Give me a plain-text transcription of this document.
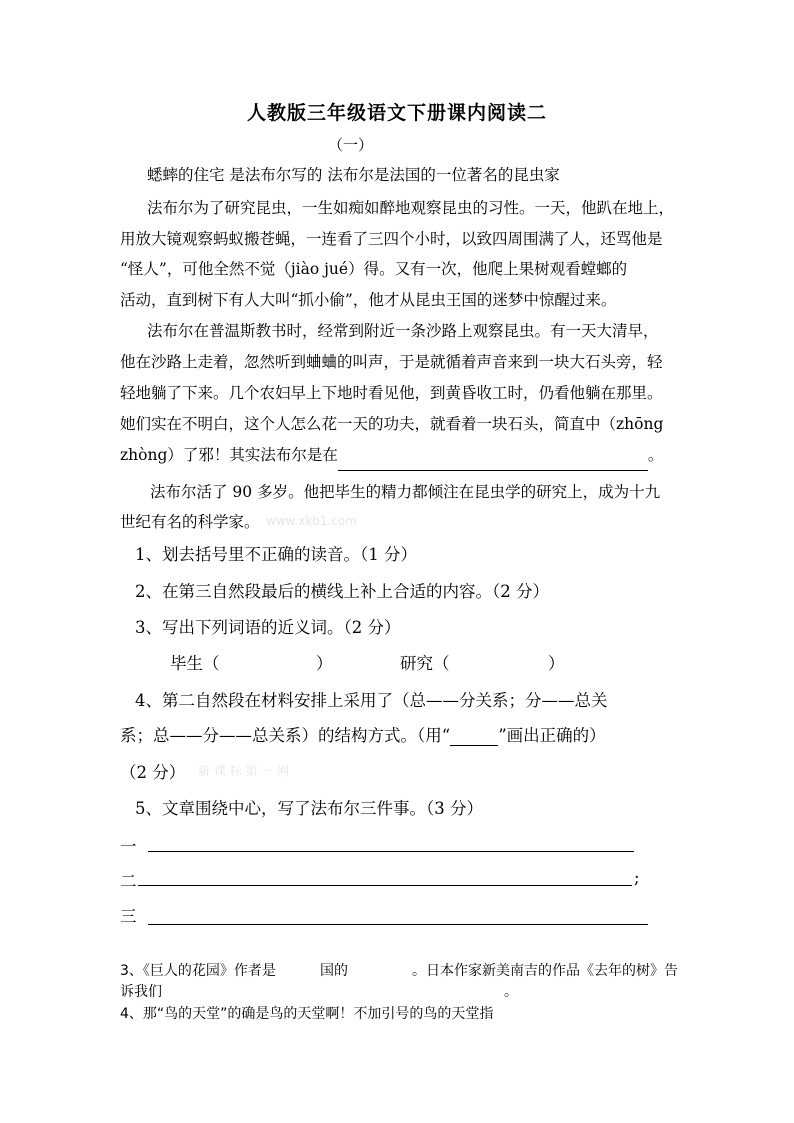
人教版三年级语文下册课内阅读二
（一）
蟋蟀的住宅 是法布尔写的 法布尔是法国的一位著名的昆虫家
法布尔为了研究昆虫，一生如痴如醉地观察昆虫的习性。一天，他趴在地上，
用放大镜观察蚂蚁搬苍蝇，一连看了三四个小时，以致四周围满了人，还骂他是
“怪人”，可他全然不觉（jiào jué）得。又有一次，他爬上果树观看螳螂的
活动，直到树下有人大叫“抓小偷”，他才从昆虫王国的迷梦中惊醒过来。
法布尔在普温斯教书时，经常到附近一条沙路上观察昆虫。有一天大清早，
他在沙路上走着，忽然听到蛐蛐的叫声，于是就循着声音来到一块大石头旁，轻
轻地躺了下来。几个农妇早上下地时看见他，到黄昏收工时，仍看他躺在那里。
她们实在不明白，这个人怎么花一天的功夫，就看着一块石头，简直中（zhōng
zhòng）了邪！其实法布尔是在	。
法布尔活了 90 多岁。他把毕生的精力都倾注在昆虫学的研究上，成为十九
世纪有名的科学家。 www.xkb1.com
1、划去括号里不正确的读音。（1 分）
2、在第三自然段最后的横线上补上合适的内容。（2 分）
3、写出下列词语的近义词。（2 分）
毕生（	）	研究（	）
4、第二自然段在材料安排上采用了（总——分关系；分——总关
系；总——分——总关系）的结构方式。（用“	”画出正确的）
（2 分） 新 课 标 第 一 网
5、文章围绕中心，写了法布尔三件事。（3 分）
一
二	;
三
3、《巨人的花园》作者是	国的	。日本作家新美南吉的作品《去年的树》告
诉我们	。
4、那“鸟的天堂”的确是鸟的天堂啊！不加引号的鸟的天堂指
